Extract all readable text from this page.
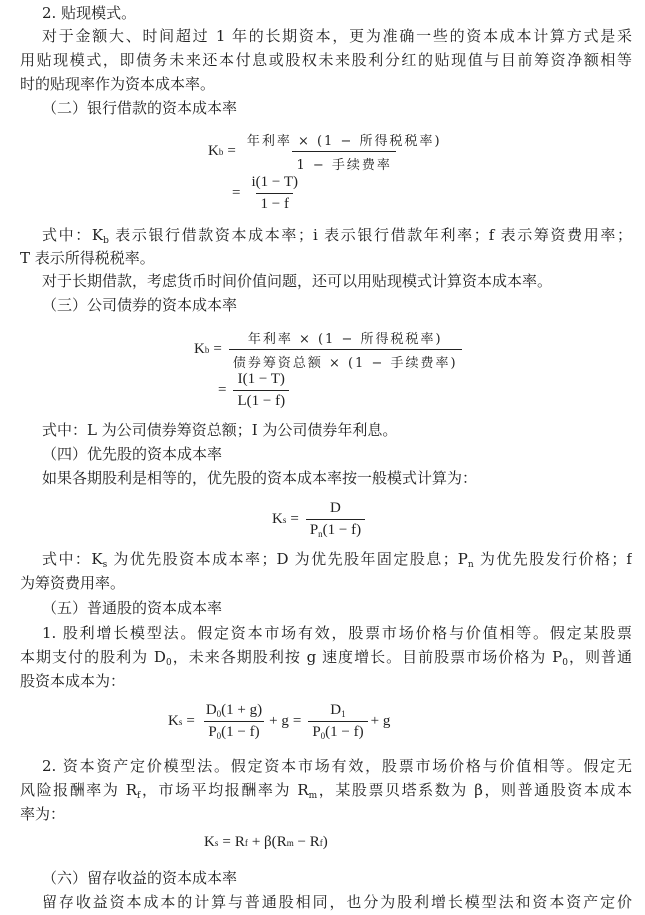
2. 贴现模式。
对于金额大、时间超过 1 年的长期资本，更为准确一些的资本成本计算方式是采
用贴现模式，即债务未来还本付息或股权未来股利分红的贴现值与目前筹资净额相等
时的贴现率作为资本成本率。
（二）银行借款的资本成本率
K $b = \frac{\text{年利率 × (1 − 所得税税率)}}{\text{1 − 手续费率}}$
= $\frac{i(1 - T)}{1 - f}$
式中：$K_b$ 表示银行借款资本成本率；i 表示银行借款年利率；f 表示筹资费用率；
T 表示所得税税率。
对于长期借款，考虑货币时间价值问题，还可以用贴现模式计算资本成本率。
（三）公司债券的资本成本率
K $b = \frac{\text{年利率 × (1 − 所得税税率)}}{\text{债券筹资总额 × (1 − 手续费率)}}$
= $\frac{I(1 - T)}{L(1 - f)}$
式中：L 为公司债券筹资总额；I 为公司债券年利息。
（四）优先股的资本成本率
如果各期股利是相等的，优先股的资本成本率按一般模式计算为：
K $s = \frac{D}{P_n(1 - f)}$
式中：$K_s$ 为优先股资本成本率；D 为优先股年固定股息；$P_n$ 为优先股发行价格；f
为筹资费用率。
（五）普通股的资本成本率
1. 股利增长模型法。假定资本市场有效，股票市场价格与价值相等。假定某股票
本期支付的股利为 $D_0$，未来各期股利按 g 速度增长。目前股票市场价格为 $P_0$，则普通
股资本成本为：
K $s = \frac{D_0(1 + g)}{P_0(1 - f)} + g = \frac{D_1}{P_0(1 - f)} + g$
2. 资本资产定价模型法。假定资本市场有效，股票市场价格与价值相等。假定无
风险报酬率为 $R_f$，市场平均报酬率为 $R_m$，某股票贝塔系数为 β，则普通股资本成本
率为：
K s = R f + β( R m − R f )
（六）留存收益的资本成本率
留存收益资本成本的计算与普通股相同，也分为股利增长模型法和资本资产定价
